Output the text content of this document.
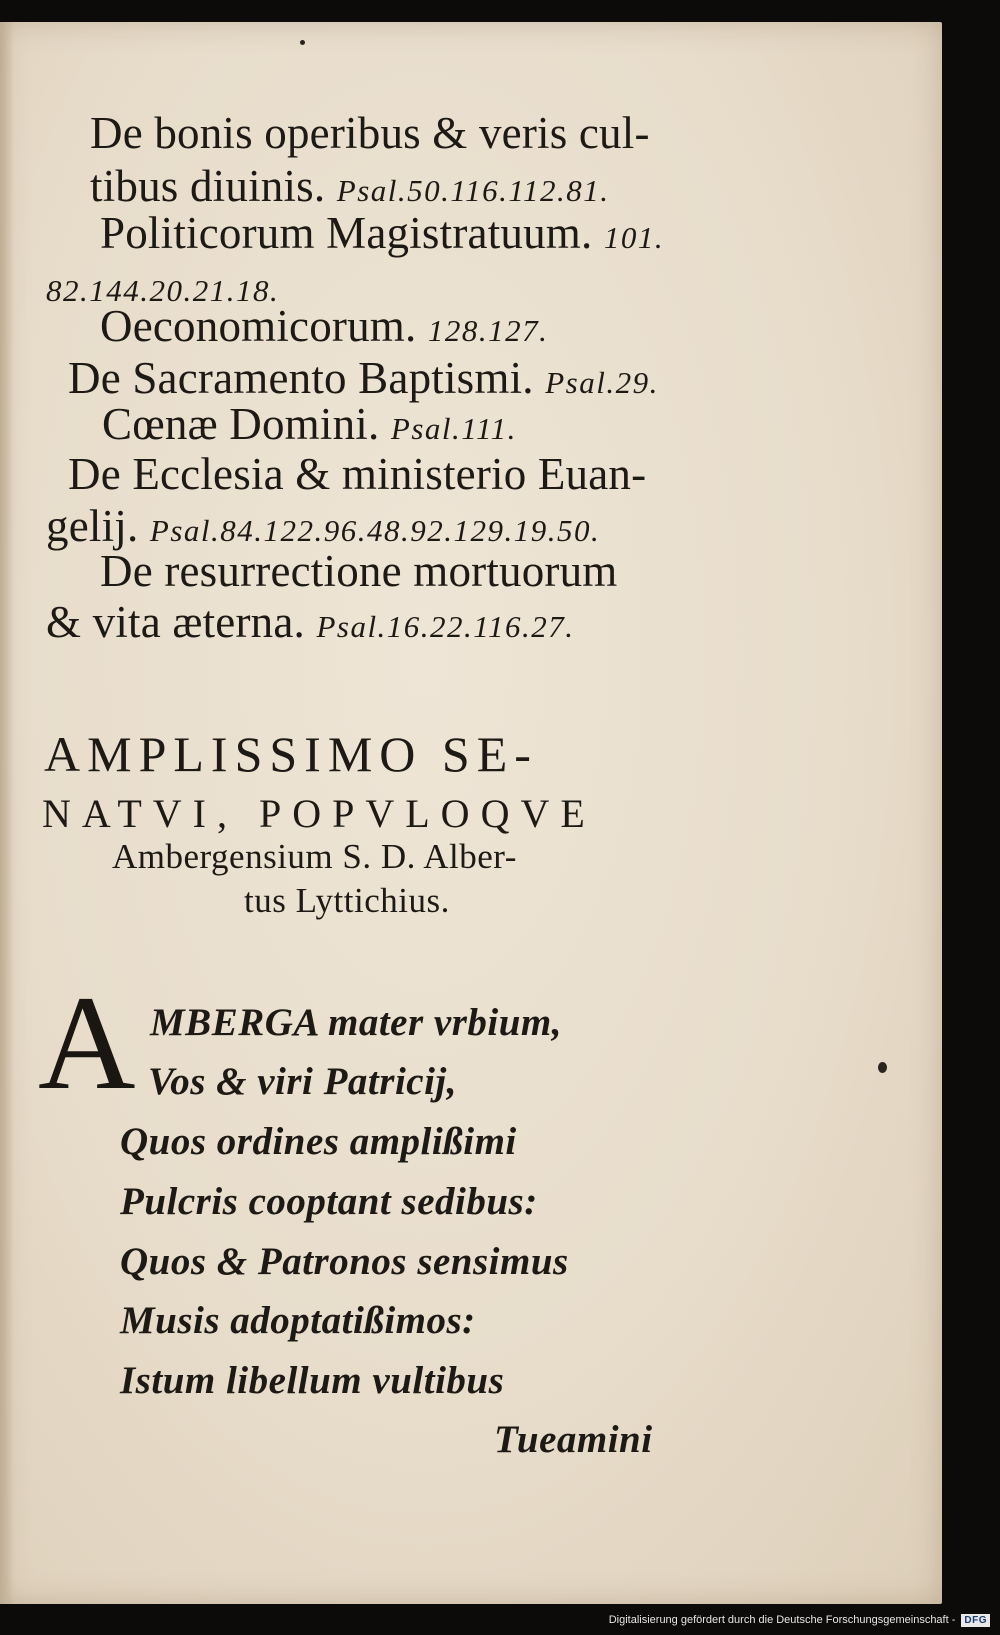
De bonis operibus & veris cul-
tibus diuinis. Psal.50.116.112.81.
Politicorum Magistratuum. 101.
82.144.20.21.18.
Oeconomicorum. 128.127.
De Sacramento Baptismi. Psal.29.
Cœnæ Domini. Psal.111.
De Ecclesia & ministerio Euan-
gelij. Psal.84.122.96.48.92.129.19.50.
De resurrectione mortuorum
& vita æterna. Psal.16.22.116.27.
AMPLISSIMO SE-
NATVI, POPVLOQVE
Ambergensium S. D. Alber-
tus Lyttichius.
A MBERGA mater vrbium,
Vos & viri Patricij,
Quos ordines amplißimi
Pulcris cooptant sedibus:
Quos & Patronos sensimus
Musis adoptatißimos:
Istum libellum vultibus
Tueamini
Digitalisierung gefördert durch die Deutsche Forschungsgemeinschaft - DFG
